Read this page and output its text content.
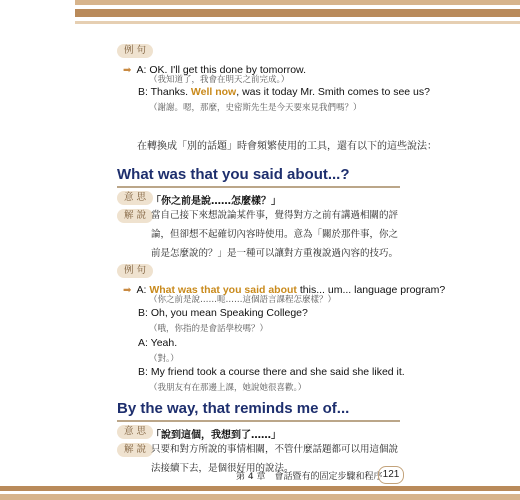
例 句
➡ A: OK. I'll get this done by tomorrow.
（我知道了，我會在明天之前完成。）
B: Thanks. Well now, was it today Mr. Smith comes to see us?
（謝謝。嗯，那麼，史密斯先生是今天要來見我們嗎？）
在轉換成「別的話題」時會頻繁使用的工具，還有以下的這些說法：
What was that you said about...?
意 思 「你之前是說……怎麼樣？」
解 說 當自己接下來想說論某件事，覺得對方之前有講過相關的評論，但卻想不起確切內容時使用。意為「關於那件事，你之前是怎麼說的？」是一種可以讓對方重複說過內容的技巧。
例 句
➡ A: What was that you said about this... um... language program?
（你之前是說……呃……這個語言課程怎麼樣？）
B: Oh, you mean Speaking College?
（哦，你指的是會話學校嗎？）
A: Yeah.
（對。）
B: My friend took a course there and she said she liked it.
（我朋友有在那邊上課，她說她很喜歡。）
By the way, that reminds me of...
意 思 「說到這個，我想到了……」
解 說 只要和對方所說的事情相關，不管什麼話題都可以用這個說法接續下去，是個很好用的說法。
第 4 章　會話暨有的固定步驟和程序 121
